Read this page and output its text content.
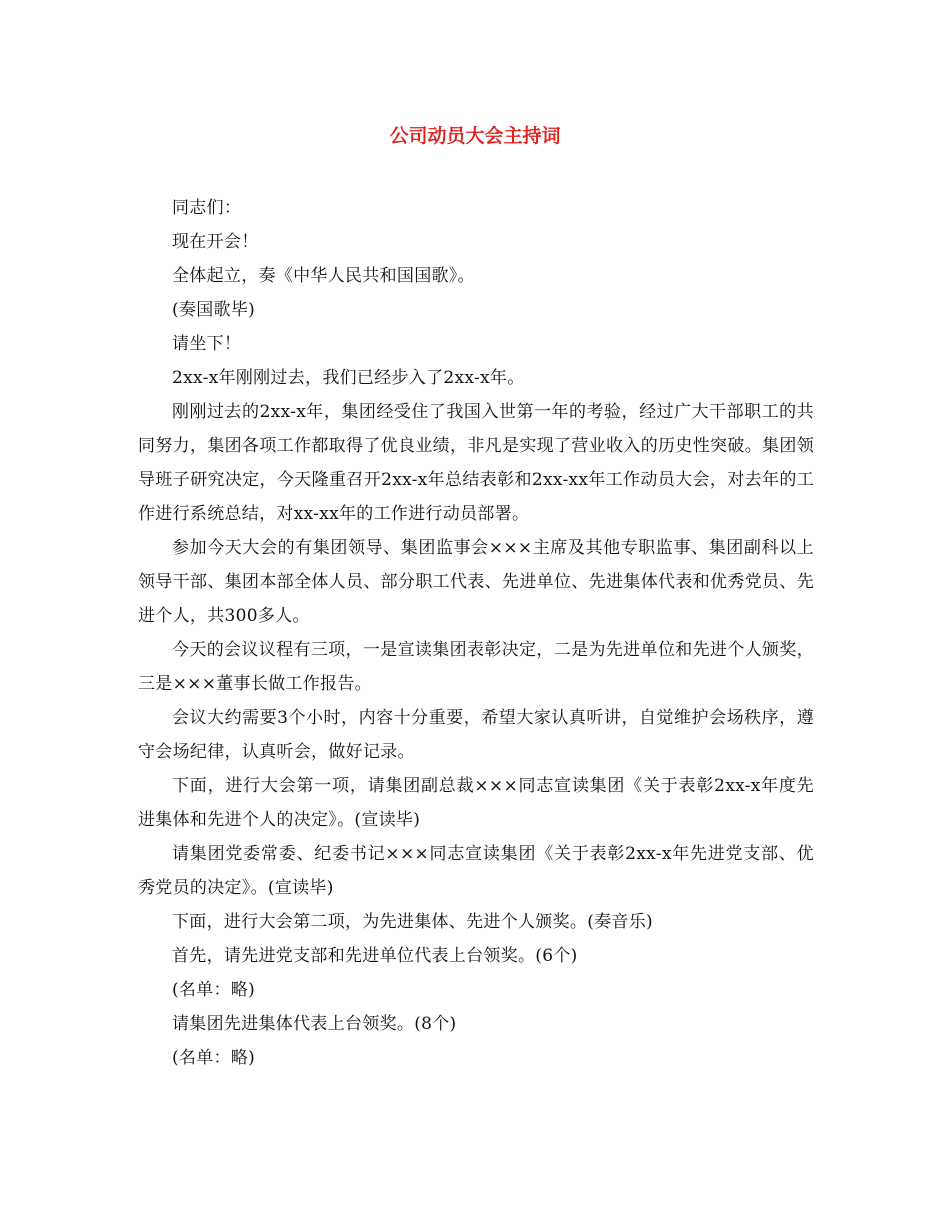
公司动员大会主持词

同志们：

现在开会！

全体起立，奏《中华人民共和国国歌》。

(奏国歌毕)

请坐下！

2xx-x年刚刚过去，我们已经步入了2xx-x年。

刚刚过去的2xx-x年，集团经受住了我国入世第一年的考验，经过广大干部职工的共同努力，集团各项工作都取得了优良业绩，非凡是实现了营业收入的历史性突破。集团领导班子研究决定，今天隆重召开2xx-x年总结表彰和2xx-xx年工作动员大会，对去年的工作进行系统总结，对xx-xx年的工作进行动员部署。

参加今天大会的有集团领导、集团监事会×××主席及其他专职监事、集团副科以上领导干部、集团本部全体人员、部分职工代表、先进单位、先进集体代表和优秀党员、先进个人，共300多人。

今天的会议议程有三项，一是宣读集团表彰决定，二是为先进单位和先进个人颁奖，三是×××董事长做工作报告。

会议大约需要3个小时，内容十分重要，希望大家认真听讲，自觉维护会场秩序，遵守会场纪律，认真听会，做好记录。

下面，进行大会第一项，请集团副总裁×××同志宣读集团《关于表彰2xx-x年度先进集体和先进个人的决定》。(宣读毕)

请集团党委常委、纪委书记×××同志宣读集团《关于表彰2xx-x年先进党支部、优秀党员的决定》。(宣读毕)

下面，进行大会第二项，为先进集体、先进个人颁奖。(奏音乐)

首先，请先进党支部和先进单位代表上台领奖。(6个)

(名单：略)

请集团先进集体代表上台领奖。(8个)

(名单：略)
